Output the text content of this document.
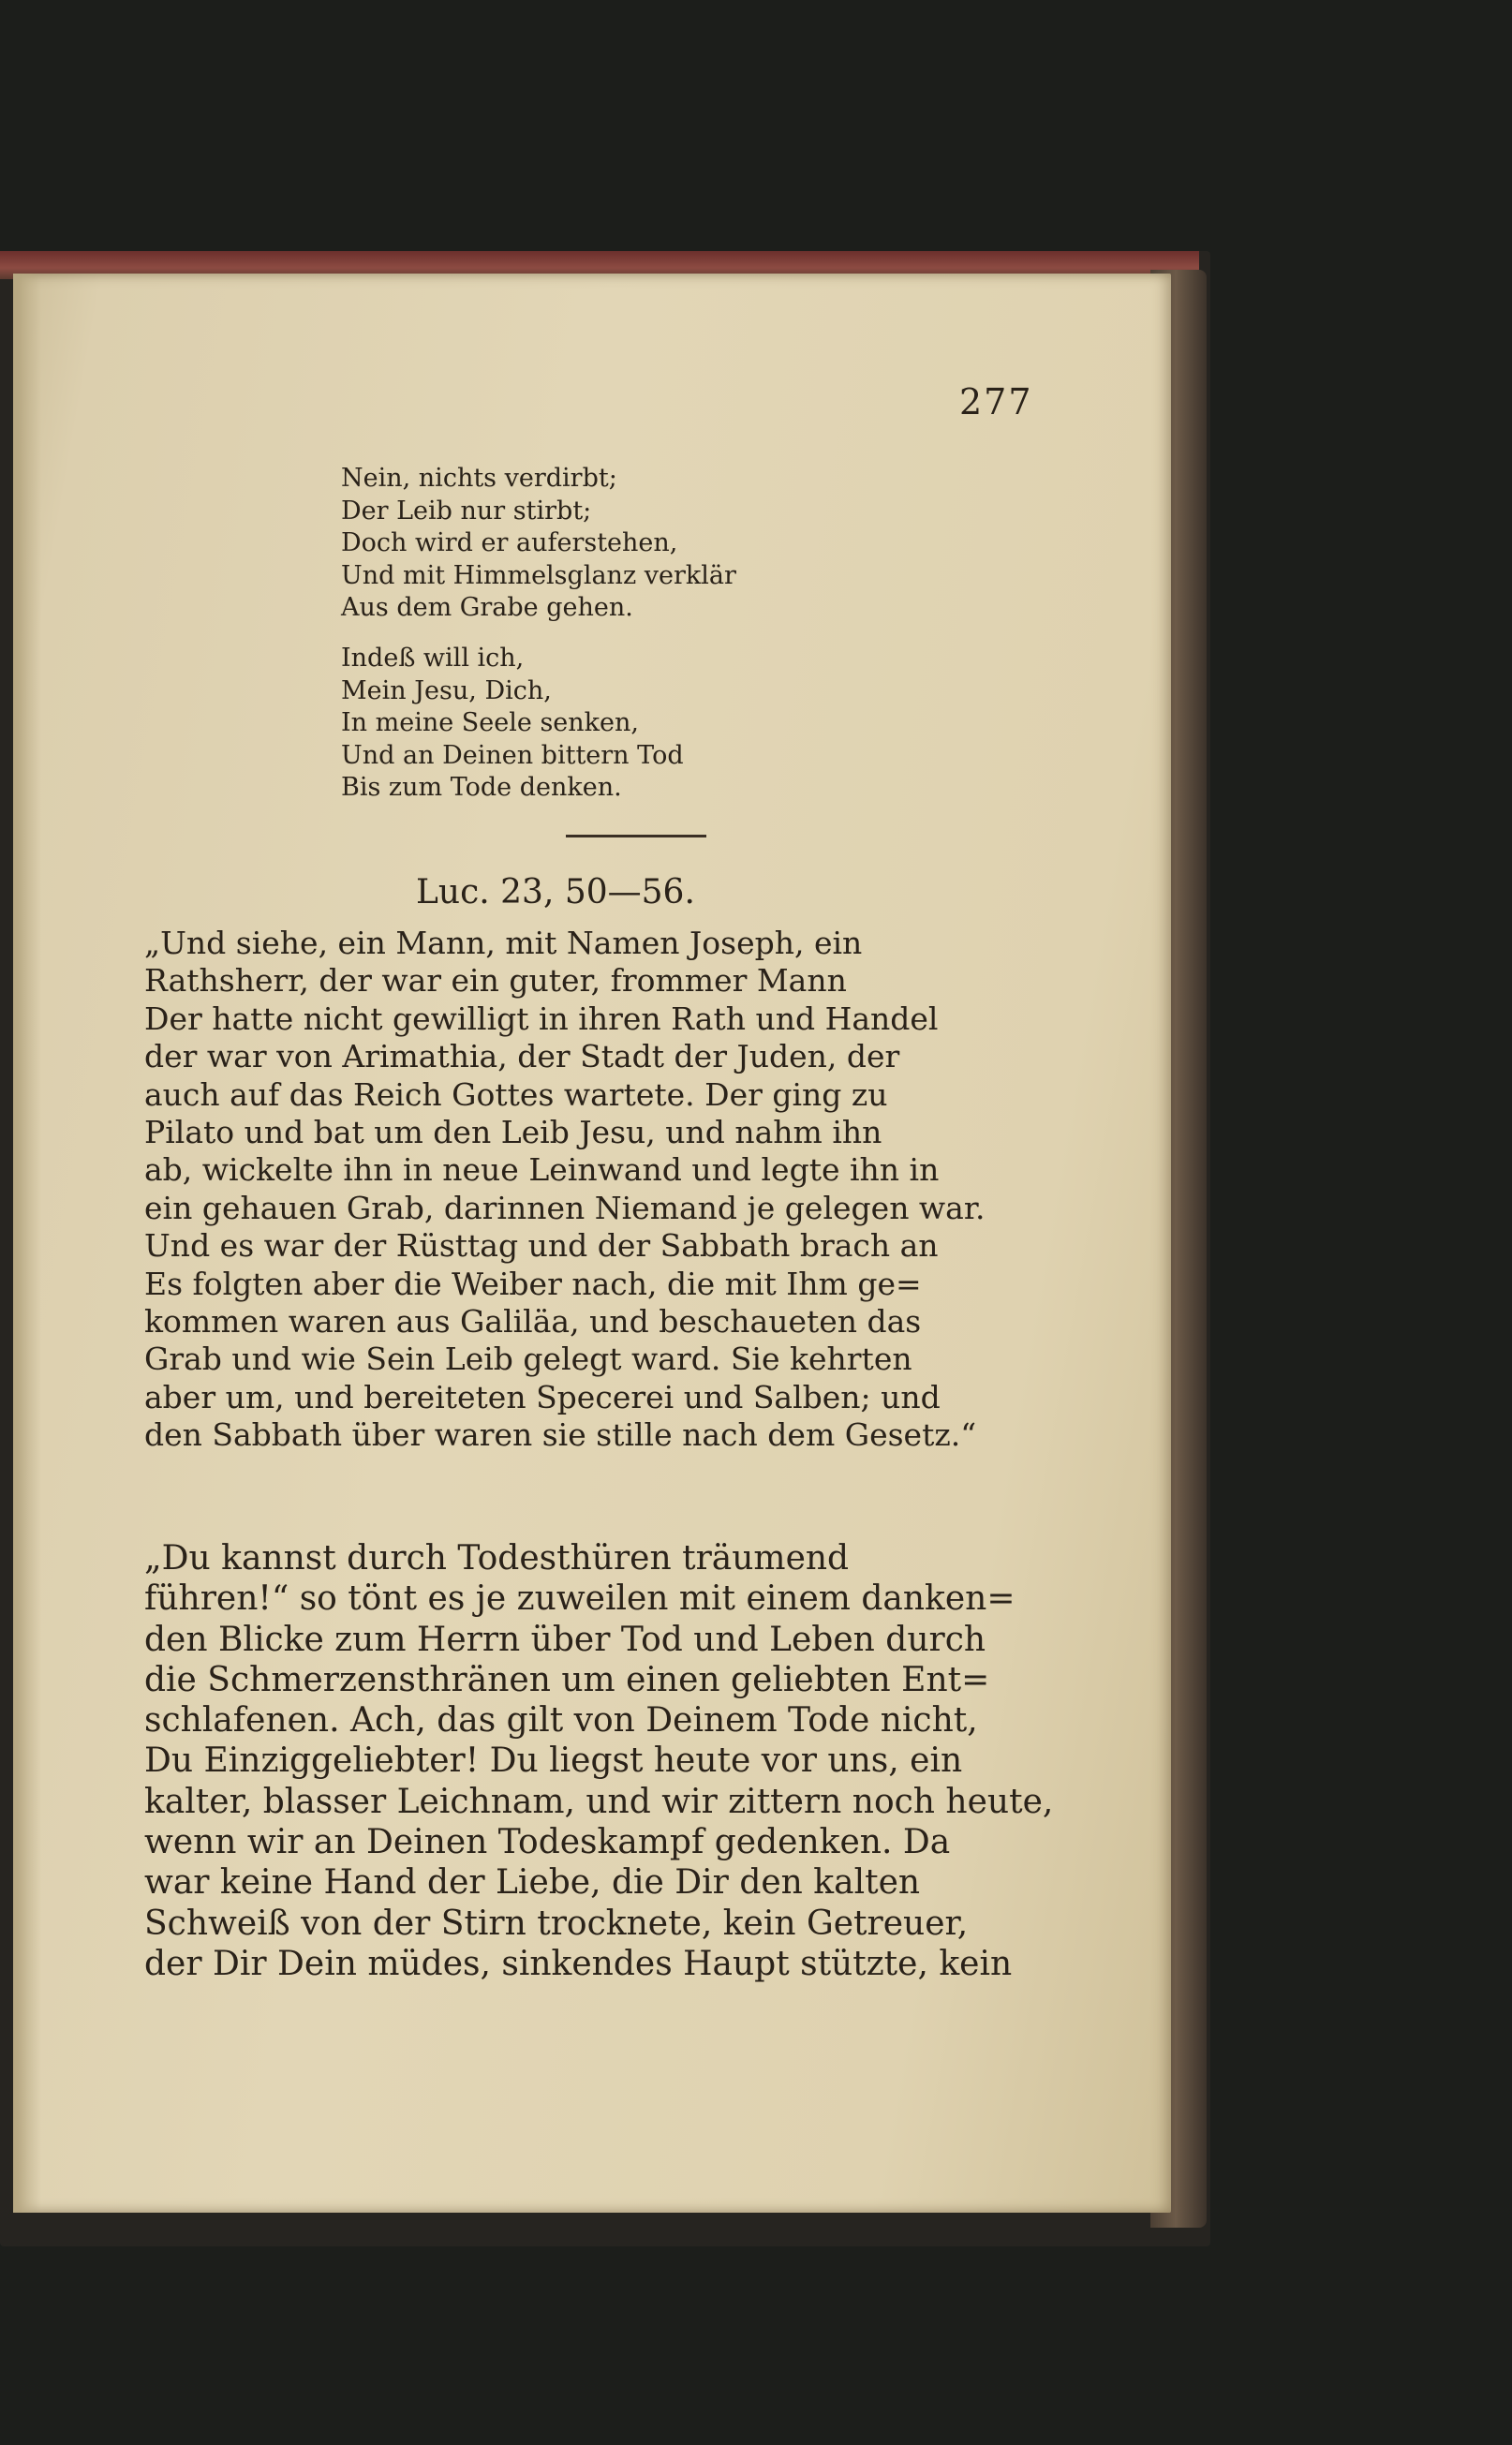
277
Nein, nichts verdirbt;
Der Leib nur stirbt;
Doch wird er auferstehen,
Und mit Himmelsglanz verklär
Aus dem Grabe gehen.
Indeß will ich,
Mein Jesu, Dich,
In meine Seele senken,
Und an Deinen bittern Tod
Bis zum Tode denken.
Luc. 23, 50—56.
„Und siehe, ein Mann, mit Namen Joseph, ein
Rathsherr, der war ein guter, frommer Mann
Der hatte nicht gewilligt in ihren Rath und Handel
der war von Arimathia, der Stadt der Juden, der
auch auf das Reich Gottes wartete. Der ging zu
Pilato und bat um den Leib Jesu, und nahm ihn
ab, wickelte ihn in neue Leinwand und legte ihn in
ein gehauen Grab, darinnen Niemand je gelegen war.
Und es war der Rüsttag und der Sabbath brach an
Es folgten aber die Weiber nach, die mit Ihm ge=
kommen waren aus Galiläa, und beschaueten das
Grab und wie Sein Leib gelegt ward. Sie kehrten
aber um, und bereiteten Specerei und Salben; und
den Sabbath über waren sie stille nach dem Gesetz.“
„Du kannst durch Todesthüren träumend
führen!“ so tönt es je zuweilen mit einem danken=
den Blicke zum Herrn über Tod und Leben durch
die Schmerzensthränen um einen geliebten Ent=
schlafenen. Ach, das gilt von Deinem Tode nicht,
Du Einziggeliebter! Du liegst heute vor uns, ein
kalter, blasser Leichnam, und wir zittern noch heute,
wenn wir an Deinen Todeskampf gedenken. Da
war keine Hand der Liebe, die Dir den kalten
Schweiß von der Stirn trocknete, kein Getreuer,
der Dir Dein müdes, sinkendes Haupt stützte, kein
